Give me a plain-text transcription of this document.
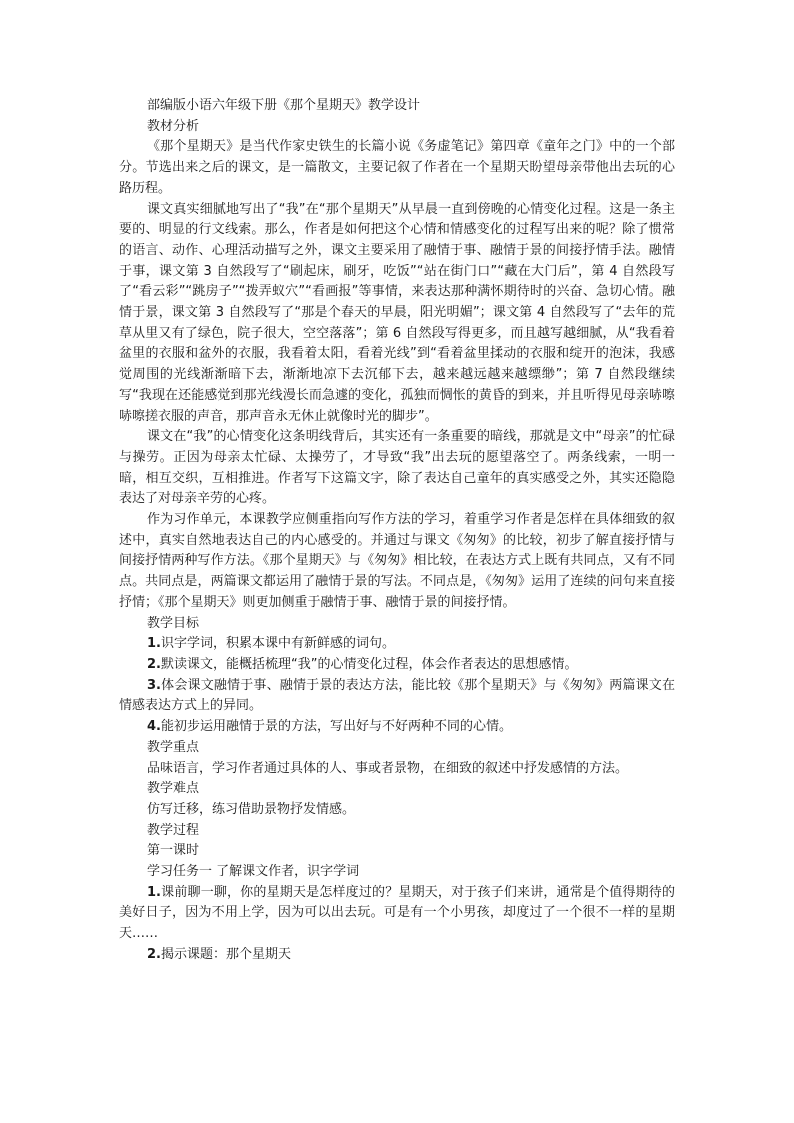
部编版小语六年级下册《那个星期天》教学设计

教材分析

《那个星期天》是当代作家史铁生的长篇小说《务虚笔记》第四章《童年之门》中的一个部分。节选出来之后的课文，是一篇散文，主要记叙了作者在一个星期天盼望母亲带他出去玩的心路历程。

课文真实细腻地写出了“我”在“那个星期天”从早晨一直到傍晚的心情变化过程。这是一条主要的、明显的行文线索。那么，作者是如何把这个心情和情感变化的过程写出来的呢？除了惯常的语言、动作、心理活动描写之外，课文主要采用了融情于事、融情于景的间接抒情手法。融情于事，课文第 3 自然段写了“刷起床，刷牙，吃饭”“站在街门口”“藏在大门后”，第 4 自然段写了“看云彩”“跳房子”“拨弄蚁穴”“看画报”等事情，来表达那种满怀期待时的兴奋、急切心情。融情于景，课文第 3 自然段写了“那是个春天的早晨，阳光明媚”；课文第 4 自然段写了“去年的荒草从里又有了绿色，院子很大，空空落落”；第 6 自然段写得更多，而且越写越细腻，从“我看着盆里的衣服和盆外的衣服，我看着太阳，看着光线”到“看着盆里揉动的衣服和绽开的泡沫，我感觉周围的光线渐渐暗下去，渐渐地凉下去沉郁下去，越来越远越来越缥缈”；第 7 自然段继续写“我现在还能感觉到那光线漫长而急遽的变化，孤独而惆怅的黄昏的到来，并且听得见母亲哧嚓哧嚓搓衣服的声音，那声音永无休止就像时光的脚步”。

课文在“我”的心情变化这条明线背后，其实还有一条重要的暗线，那就是文中“母亲”的忙碌与操劳。正因为母亲太忙碌、太操劳了，才导致“我”出去玩的愿望落空了。两条线索，一明一暗，相互交织，互相推进。作者写下这篇文字，除了表达自己童年的真实感受之外，其实还隐隐表达了对母亲辛劳的心疼。

作为习作单元，本课教学应侧重指向写作方法的学习，着重学习作者是怎样在具体细致的叙述中，真实自然地表达自己的内心感受的。并通过与课文《匆匆》的比较，初步了解直接抒情与间接抒情两种写作方法。《那个星期天》与《匆匆》相比较，在表达方式上既有共同点，又有不同点。共同点是，两篇课文都运用了融情于景的写法。不同点是，《匆匆》运用了连续的问句来直接抒情；《那个星期天》则更加侧重于融情于事、融情于景的间接抒情。

教学目标

1.识字学词，积累本课中有新鲜感的词句。

2.默读课文，能概括梳理“我”的心情变化过程，体会作者表达的思想感情。

3.体会课文融情于事、融情于景的表达方法，能比较《那个星期天》与《匆匆》两篇课文在情感表达方式上的异同。

4.能初步运用融情于景的方法，写出好与不好两种不同的心情。

教学重点

品味语言，学习作者通过具体的人、事或者景物，在细致的叙述中抒发感情的方法。

教学难点

仿写迁移，练习借助景物抒发情感。

教学过程

第一课时

学习任务一 了解课文作者，识字学词

1.课前聊一聊，你的星期天是怎样度过的？星期天，对于孩子们来讲，通常是个值得期待的美好日子，因为不用上学，因为可以出去玩。可是有一个小男孩，却度过了一个很不一样的星期天……

2.揭示课题：那个星期天
